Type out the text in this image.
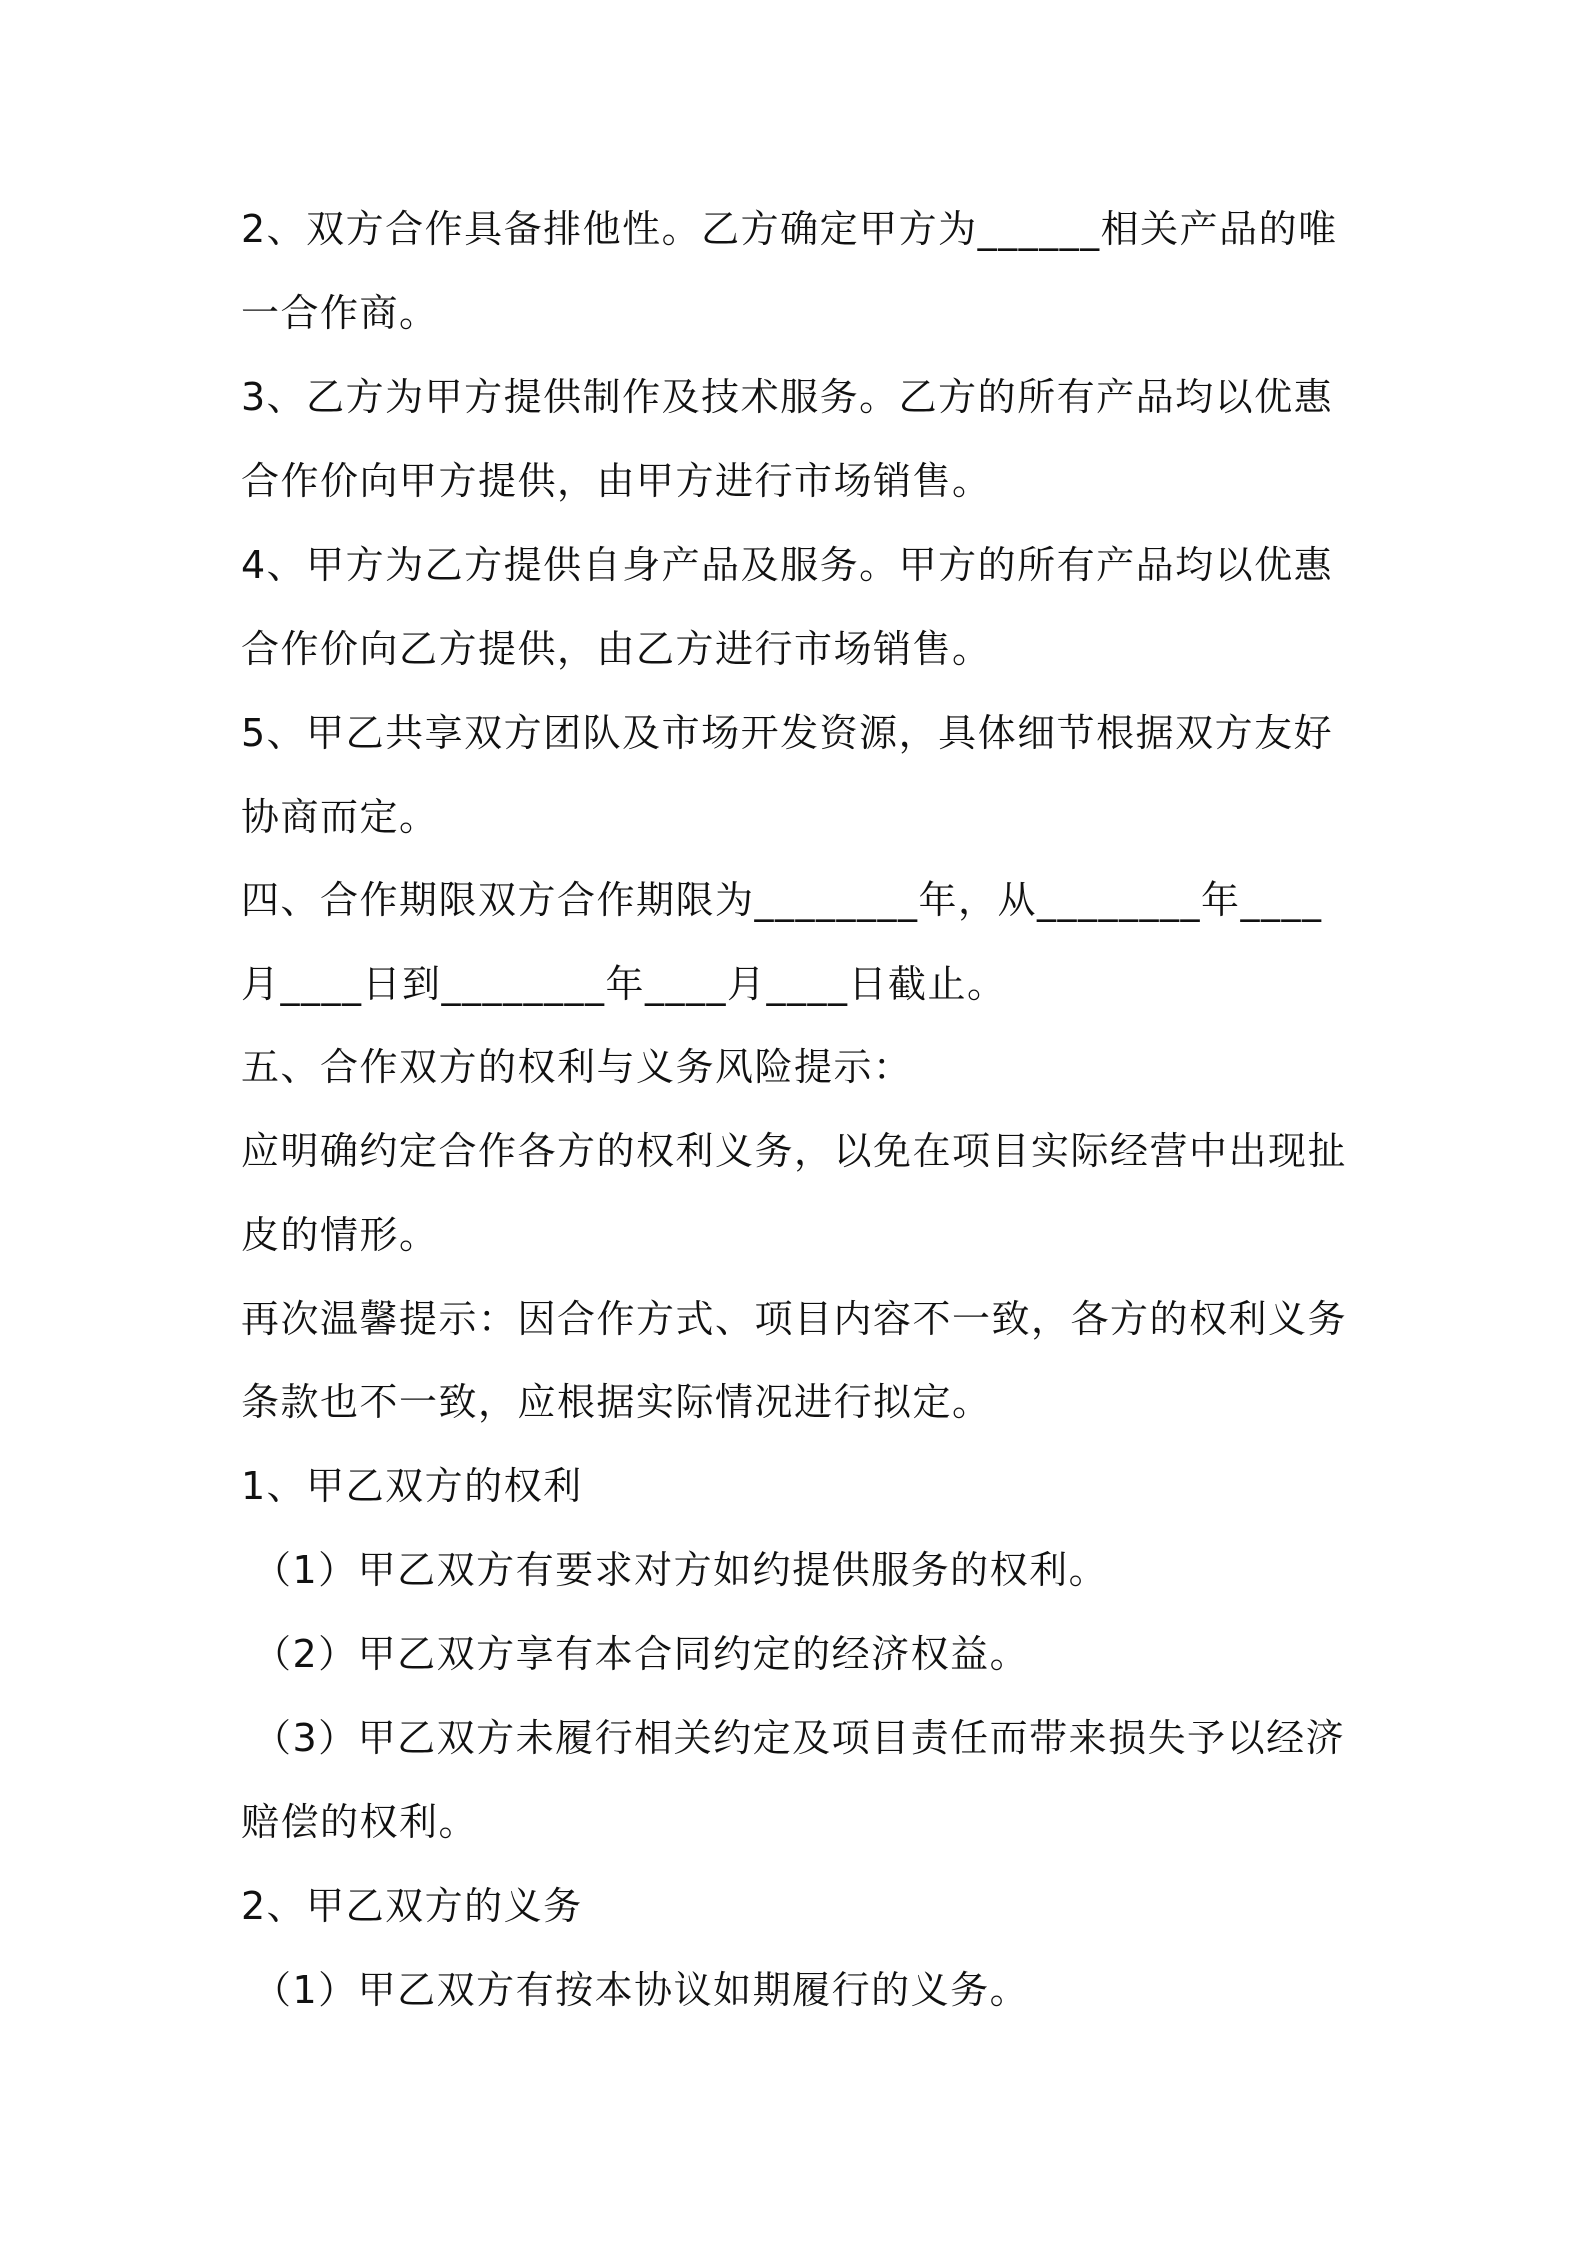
2、双方合作具备排他性。乙方确定甲方为______相关产品的唯
一合作商。
3、乙方为甲方提供制作及技术服务。乙方的所有产品均以优惠
合作价向甲方提供，由甲方进行市场销售。
4、甲方为乙方提供自身产品及服务。甲方的所有产品均以优惠
合作价向乙方提供，由乙方进行市场销售。
5、甲乙共享双方团队及市场开发资源，具体细节根据双方友好
协商而定。
四、合作期限双方合作期限为________年，从________年____
月____日到________年____月____日截止。
五、合作双方的权利与义务风险提示：
应明确约定合作各方的权利义务，以免在项目实际经营中出现扯
皮的情形。
再次温馨提示：因合作方式、项目内容不一致，各方的权利义务
条款也不一致，应根据实际情况进行拟定。
1、甲乙双方的权利
（1）甲乙双方有要求对方如约提供服务的权利。
（2）甲乙双方享有本合同约定的经济权益。
（3）甲乙双方未履行相关约定及项目责任而带来损失予以经济
赔偿的权利。
2、甲乙双方的义务
（1）甲乙双方有按本协议如期履行的义务。
